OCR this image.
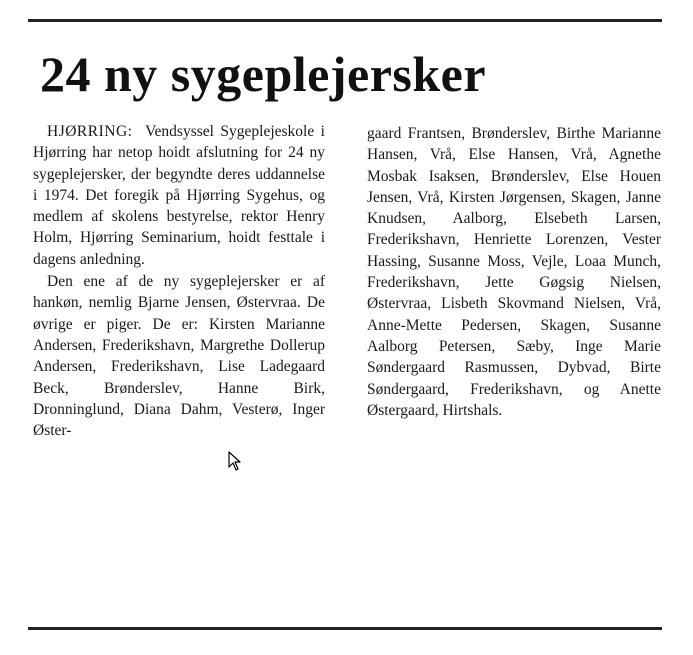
24 ny sygeplejersker

HJØRRING: Vendsyssel Sygeplejeskole i Hjørring har netop hoidt afslutning for 24 ny sygeplejersker, der begyndte deres uddannelse i 1974. Det foregik på Hjørring Sygehus, og medlem af skolens bestyrelse, rektor Henry Holm, Hjørring Seminarium, hoidt festtale i dagens anledning.

Den ene af de ny sygeplejersker er af hankøn, nemlig Bjarne Jensen, Østervraa. De øvrige er piger. De er: Kirsten Marianne Andersen, Frederikshavn, Margrethe Dollerup Andersen, Frederikshavn, Lise Ladegaard Beck, Brønderslev, Hanne Birk, Dronninglund, Diana Dahm, Vesterø, Inger Øster-

gaard Frantsen, Brønderslev, Birthe Marianne Hansen, Vrå, Else Hansen, Vrå, Agnethe Mosbak Isaksen, Brønderslev, Else Houen Jensen, Vrå, Kirsten Jørgensen, Skagen, Janne Knudsen, Aalborg, Elsebeth Larsen, Frederikshavn, Henriette Lorenzen, Vester Hassing, Susanne Moss, Vejle, Loaa Munch, Frederikshavn, Jette Gøgsig Nielsen, Østervraa, Lisbeth Skovmand Nielsen, Vrå, Anne-Mette Pedersen, Skagen, Susanne Aalborg Petersen, Sæby, Inge Marie Søndergaard Rasmussen, Dybvad, Birte Søndergaard, Frederikshavn, og Anette Østergaard, Hirtshals.
